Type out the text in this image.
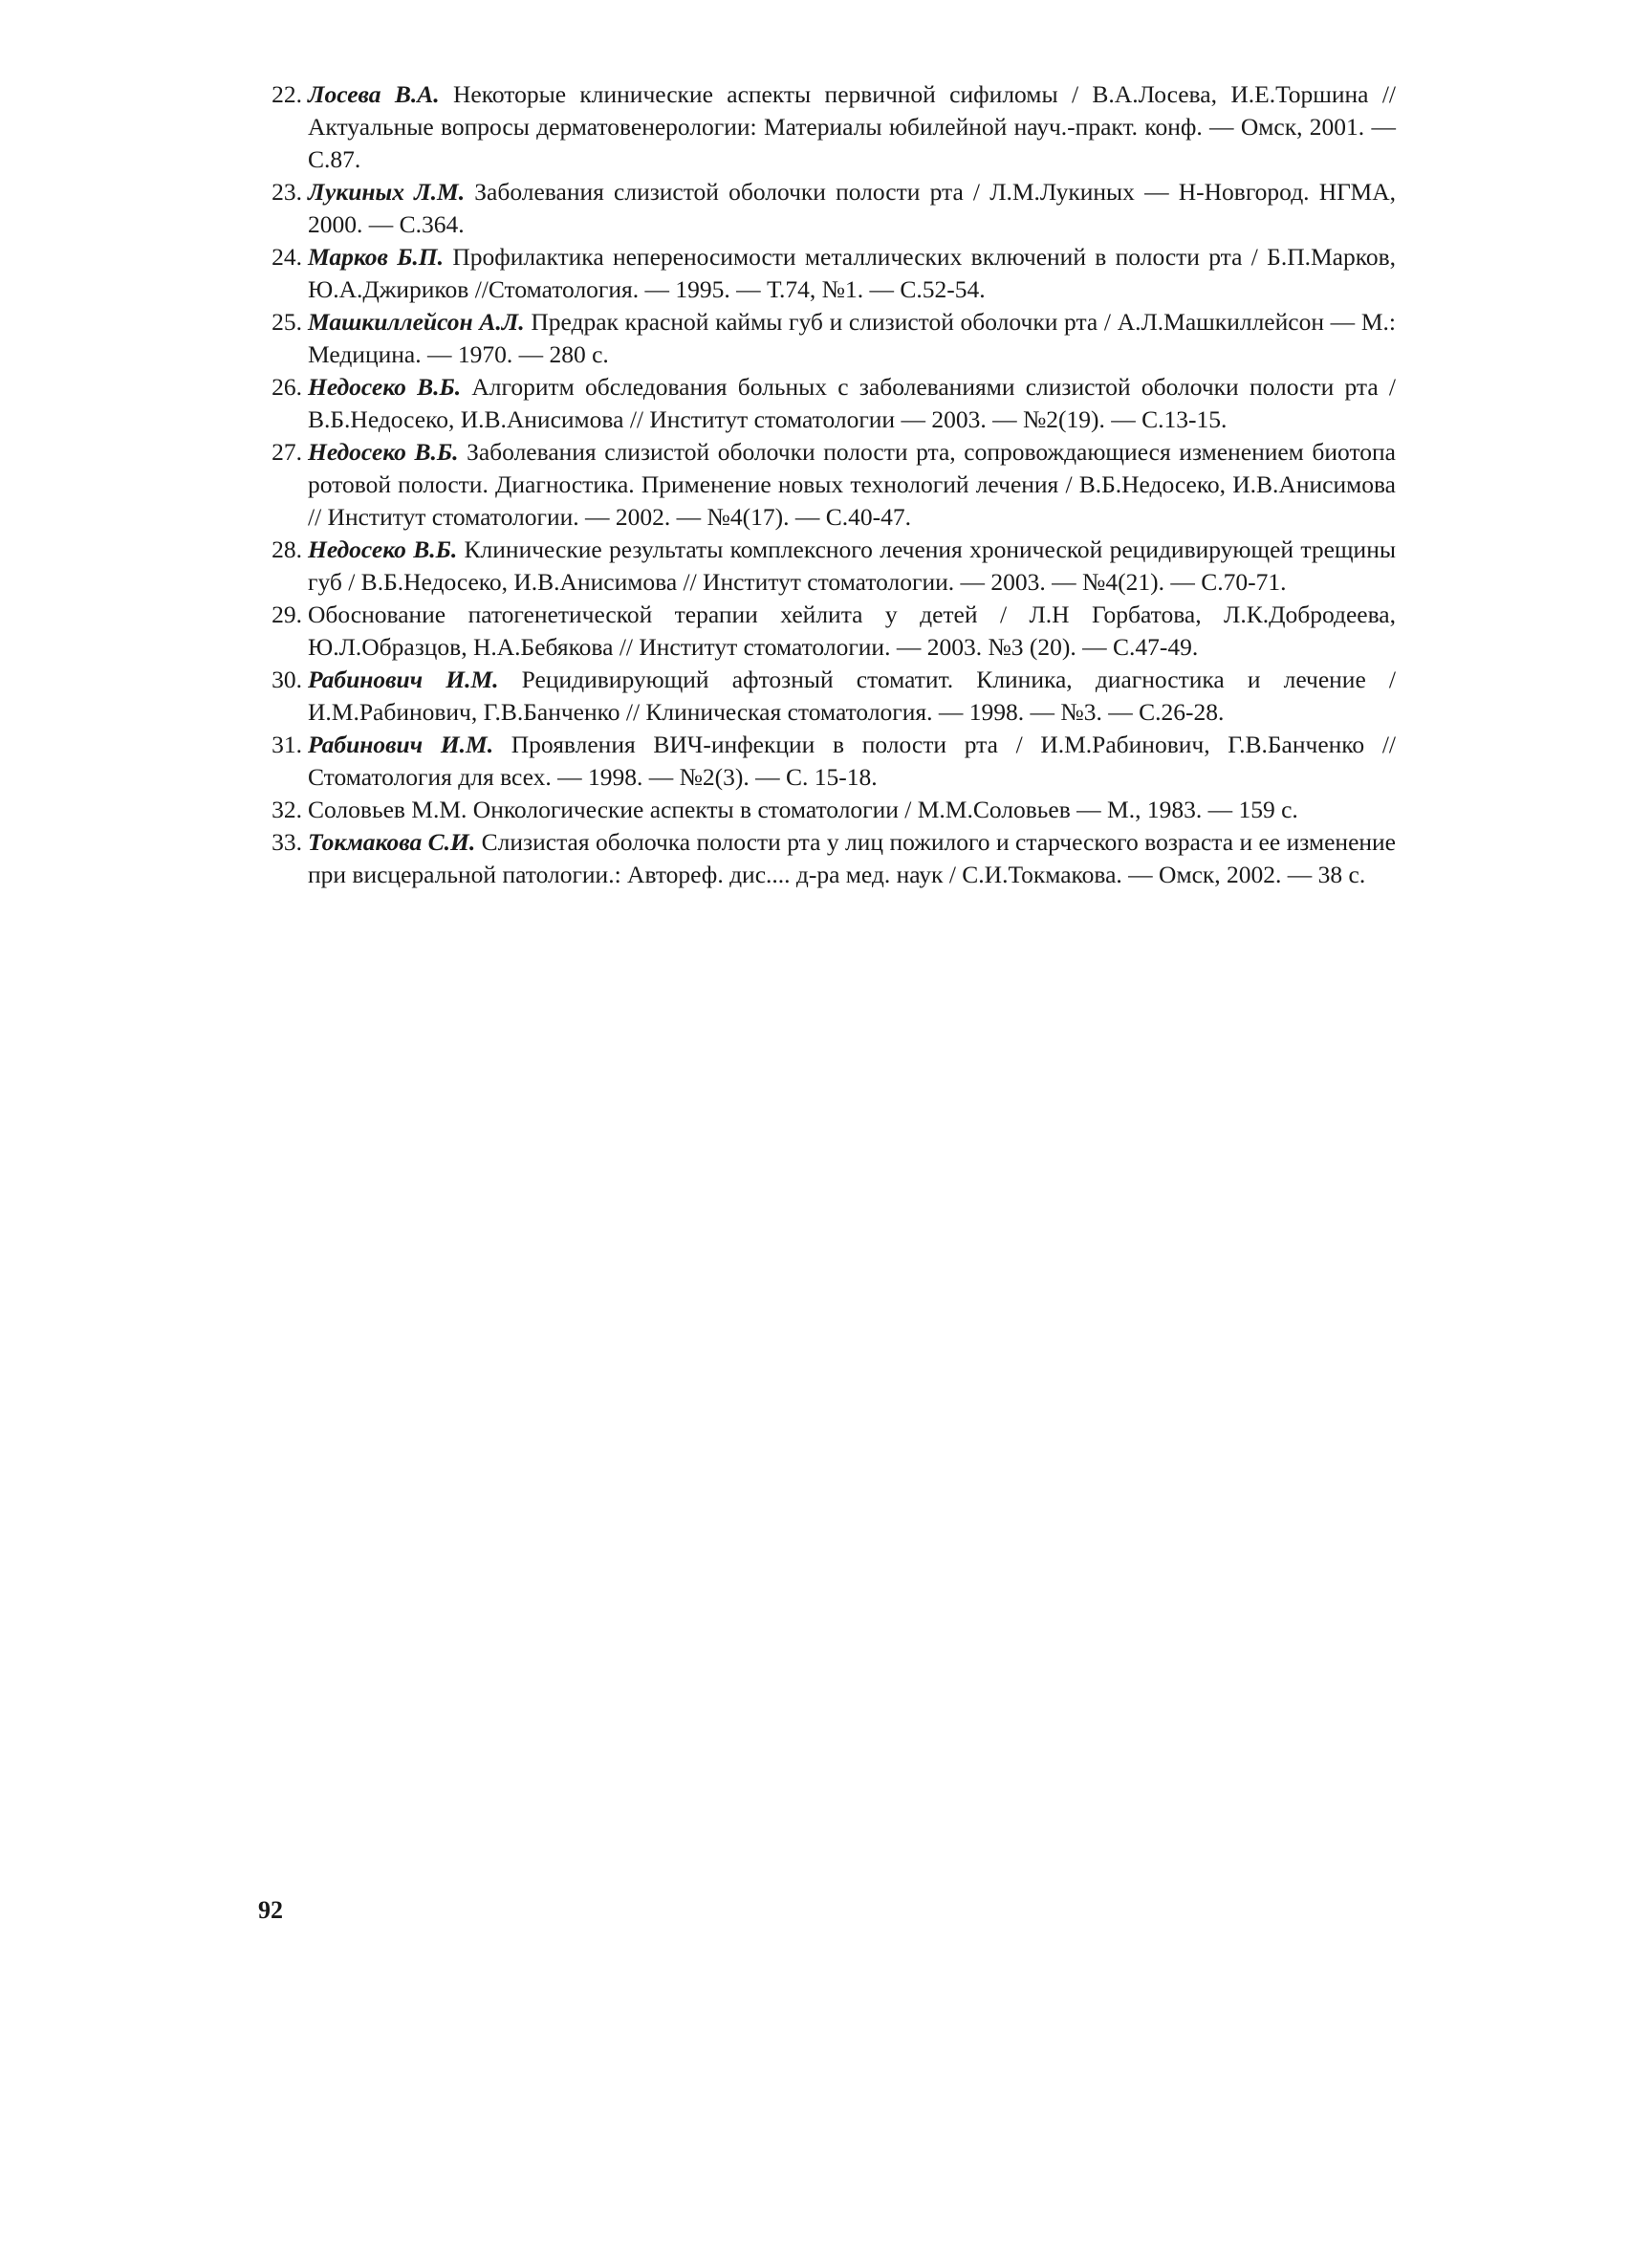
22. Лосева В.А. Некоторые клинические аспекты первичной сифиломы / В.А.Лосева, И.Е.Торшина // Актуальные вопросы дерматовенерологии: Материалы юбилейной науч.-практ. конф. — Омск, 2001. — С.87.
23. Лукиных Л.М. Заболевания слизистой оболочки полости рта / Л.М.Лукиных — Н-Новгород. НГМА, 2000. — С.364.
24. Марков Б.П. Профилактика непереносимости металлических включений в полости рта / Б.П.Марков, Ю.А.Джириков //Стоматология. — 1995. — Т.74, №1. — С.52-54.
25. Машкиллейсон А.Л. Предрак красной каймы губ и слизистой оболочки рта / А.Л.Машкиллейсон — М.: Медицина. — 1970. — 280 с.
26. Недосеко В.Б. Алгоритм обследования больных с заболеваниями слизистой оболочки полости рта / В.Б.Недосеко, И.В.Анисимова // Институт стоматологии — 2003. — №2(19). — С.13-15.
27. Недосеко В.Б. Заболевания слизистой оболочки полости рта, сопровождающиеся изменением биотопа ротовой полости. Диагностика. Применение новых технологий лечения / В.Б.Недосеко, И.В.Анисимова // Институт стоматологии. — 2002. — №4(17). — С.40-47.
28. Недосеко В.Б. Клинические результаты комплексного лечения хронической рецидивирующей трещины губ / В.Б.Недосеко, И.В.Анисимова // Институт стоматологии. — 2003. — №4(21). — С.70-71.
29. Обоснование патогенетической терапии хейлита у детей / Л.Н Горбатова, Л.К.Добродеева, Ю.Л.Образцов, Н.А.Бебякова // Институт стоматологии. — 2003. №3 (20). — С.47-49.
30. Рабинович И.М. Рецидивирующий афтозный стоматит. Клиника, диагностика и лечение / И.М.Рабинович, Г.В.Банченко // Клиническая стоматология. — 1998. — №3. — С.26-28.
31. Рабинович И.М. Проявления ВИЧ-инфекции в полости рта / И.М.Рабинович, Г.В.Банченко // Стоматология для всех. — 1998. — №2(3). — С. 15-18.
32. Соловьев М.М. Онкологические аспекты в стоматологии / М.М.Соловьев — М., 1983. — 159 с.
33. Токмакова С.И. Слизистая оболочка полости рта у лиц пожилого и старческого возраста и ее изменение при висцеральной патологии.: Автореф. дис.... д-ра мед. наук / С.И.Токмакова. — Омск, 2002. — 38 с.
92
